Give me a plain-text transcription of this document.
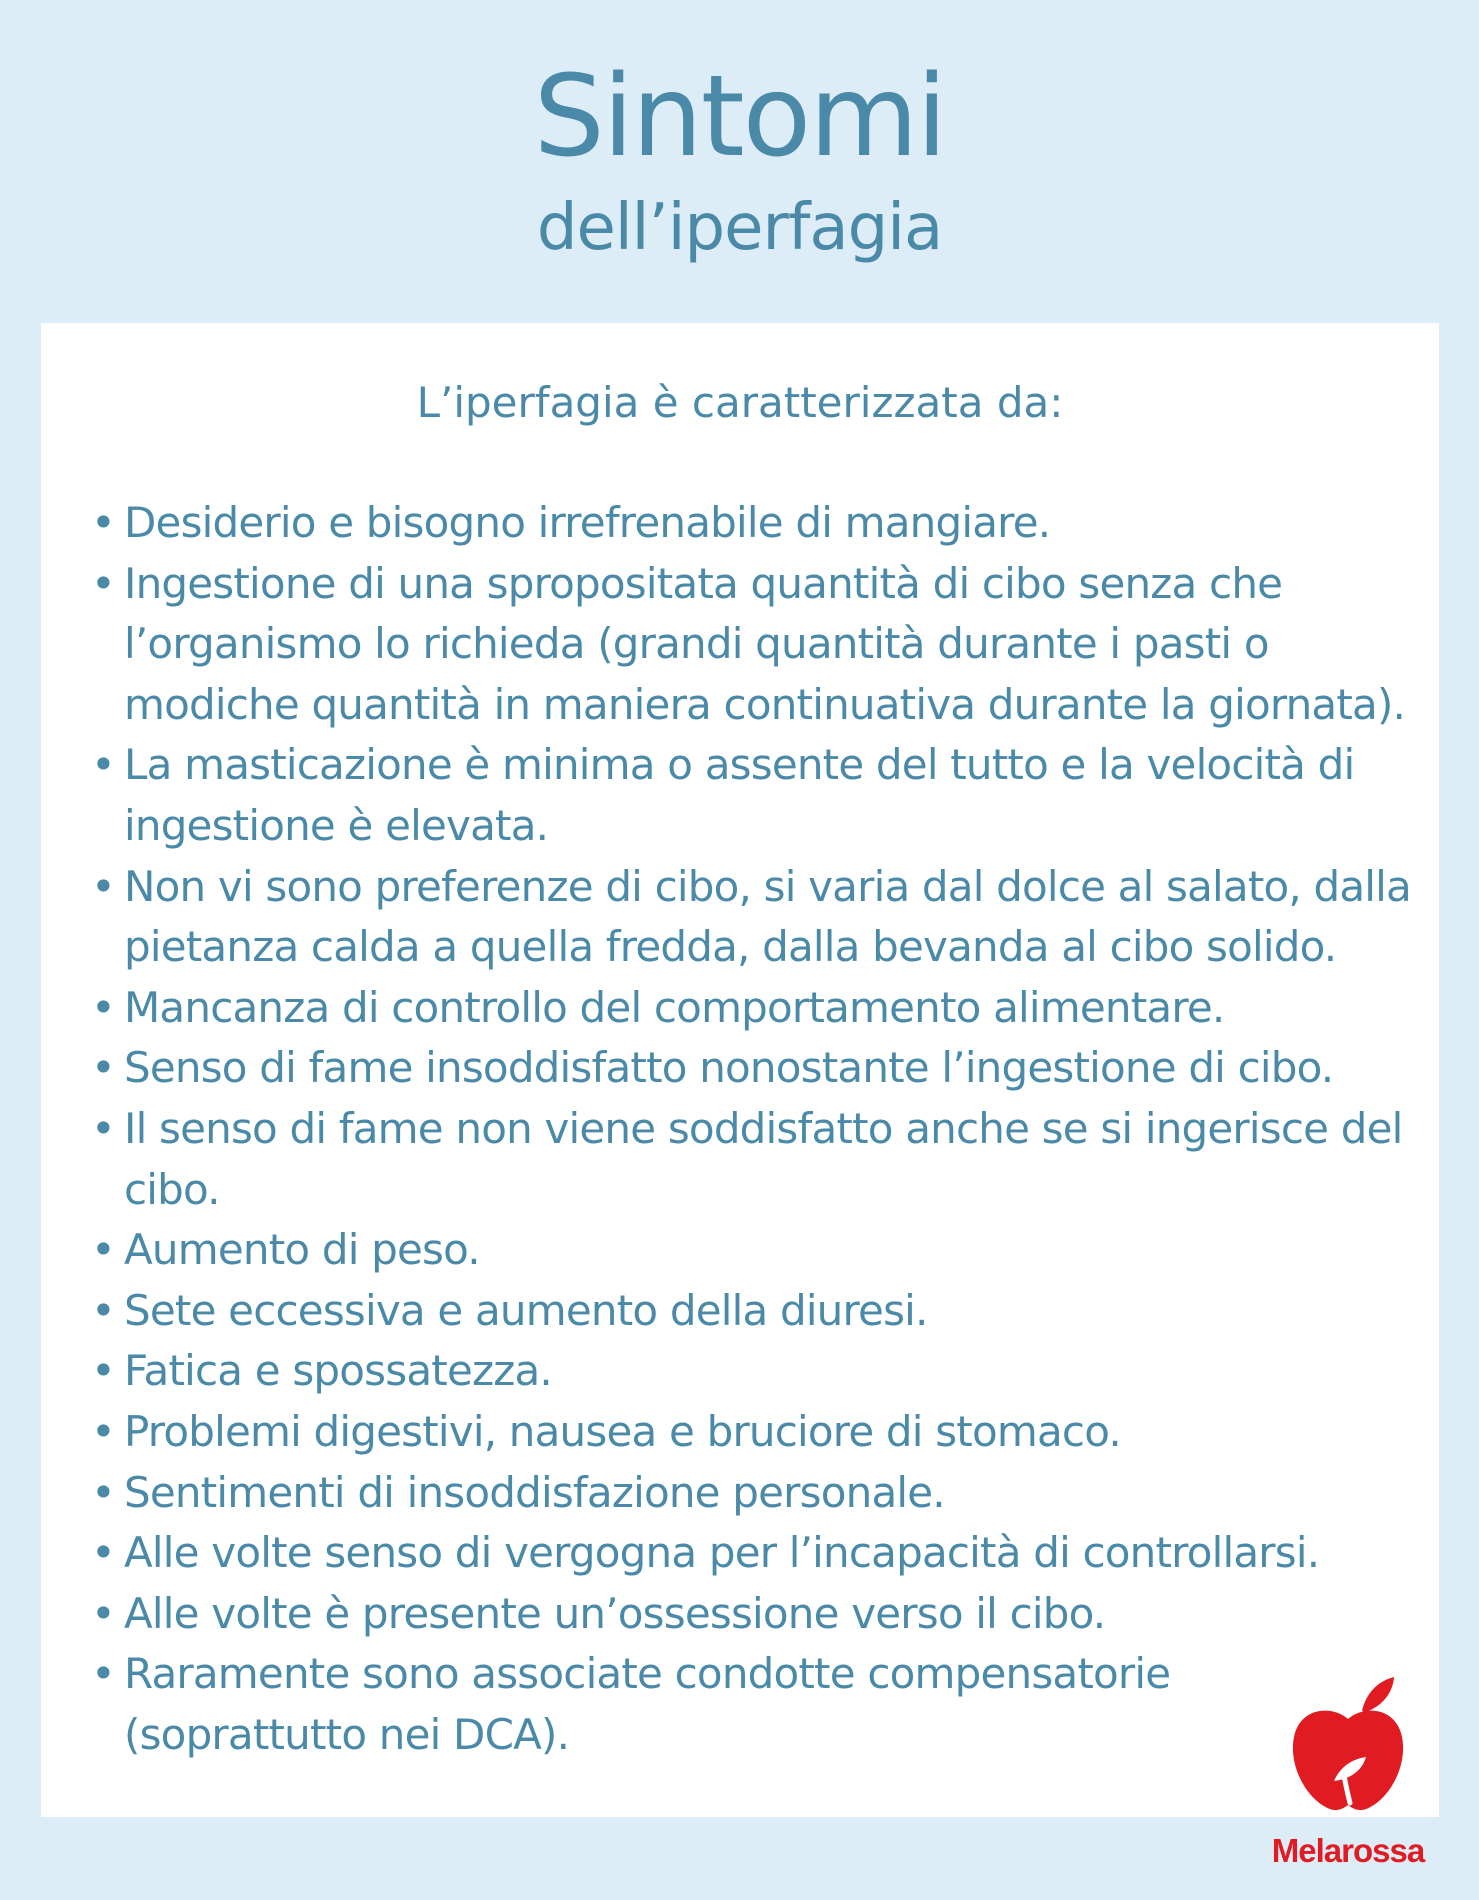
Sintomi
dell’iperfagia
L’iperfagia è caratterizzata da:
• Desiderio e bisogno irrefrenabile di mangiare.
• Ingestione di una spropositata quantità di cibo senza che l’organismo lo richieda (grandi quantità durante i pasti o modiche quantità in maniera continuativa durante la giornata).
• La masticazione è minima o assente del tutto e la velocità di ingestione è elevata.
• Non vi sono preferenze di cibo, si varia dal dolce al salato, dalla pietanza calda a quella fredda, dalla bevanda al cibo solido.
• Mancanza di controllo del comportamento alimentare.
• Senso di fame insoddisfatto nonostante l’ingestione di cibo.
• Il senso di fame non viene soddisfatto anche se si ingerisce del cibo.
• Aumento di peso.
• Sete eccessiva e aumento della diuresi.
• Fatica e spossatezza.
• Problemi digestivi, nausea e bruciore di stomaco.
• Sentimenti di insoddisfazione personale.
• Alle volte senso di vergogna per l’incapacità di controllarsi.
• Alle volte è presente un’ossessione verso il cibo.
• Raramente sono associate condotte compensatorie (soprattutto nei DCA).
Melarossa
